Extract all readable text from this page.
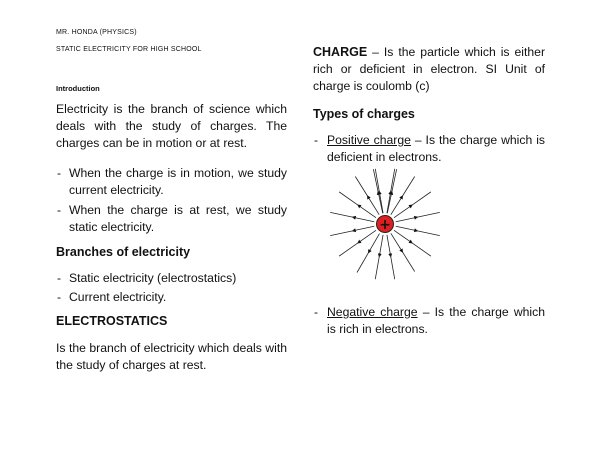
MR. HONDA (PHYSICS)
STATIC ELECTRICITY FOR HIGH SCHOOL
Introduction
Electricity is the branch of science which deals with the study of charges. The charges can be in motion or at rest.
- When the charge is in motion, we study current electricity.
- When the charge is at rest, we study static electricity.
Branches of electricity
- Static electricity (electrostatics)
- Current electricity.
ELECTROSTATICS
Is the branch of electricity which deals with the study of charges at rest.
CHARGE – Is the particle which is either rich or deficient in electron. SI Unit of charge is coulomb (c)
Types of charges
- Positive charge – Is the charge which is deficient in electrons.
+
- Negative charge – Is the charge which is rich in electrons.
